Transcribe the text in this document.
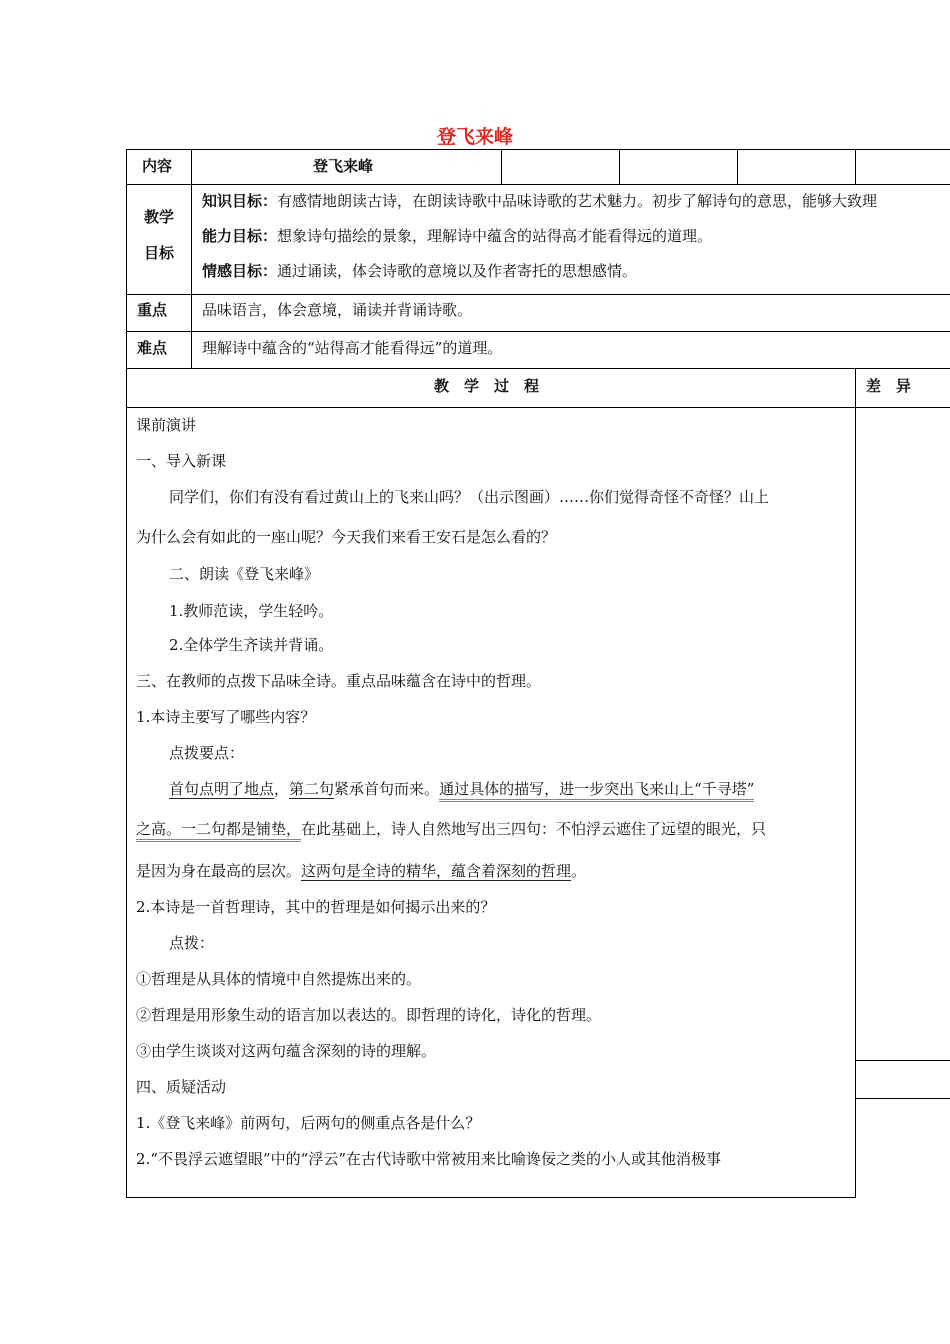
登飞来峰
内容	登飞来峰
教学
目标
知识目标：有感情地朗读古诗，在朗读诗歌中品味诗歌的艺术魅力。初步了解诗句的意思，能够大致理
能力目标：想象诗句描绘的景象，理解诗中蕴含的站得高才能看得远的道理。
情感目标：通过诵读，体会诗歌的意境以及作者寄托的思想感情。
重点 品味语言，体会意境，诵读并背诵诗歌。
难点 理解诗中蕴含的“站得高才能看得远”的道理。
教　学　过　程	差　异　
课前演讲
一、导入新课
同学们，你们有没有看过黄山上的飞来山吗？（出示图画）……你们觉得奇怪不奇怪？山上
为什么会有如此的一座山呢？今天我们来看王安石是怎么看的？
二、朗读《登飞来峰》
1.教师范读，学生轻吟。
2.全体学生齐读并背诵。
三、在教师的点拨下品味全诗。重点品味蕴含在诗中的哲理。
1.本诗主要写了哪些内容？
点拨要点：
首句点明了地点，第二句紧承首句而来。通过具体的描写，进一步突出飞来山上“千寻塔”
之高。一二句都是铺垫，在此基础上，诗人自然地写出三四句：不怕浮云遮住了远望的眼光，只
是因为身在最高的层次。这两句是全诗的精华，蕴含着深刻的哲理。
2.本诗是一首哲理诗，其中的哲理是如何揭示出来的？
点拨：
①哲理是从具体的情境中自然提炼出来的。
②哲理是用形象生动的语言加以表达的。即哲理的诗化，诗化的哲理。
③由学生谈谈对这两句蕴含深刻的诗的理解。
四、质疑活动
1.《登飞来峰》前两句，后两句的侧重点各是什么？
2.“不畏浮云遮望眼”中的“浮云”在古代诗歌中常被用来比喻谗佞之类的小人或其他消极事
